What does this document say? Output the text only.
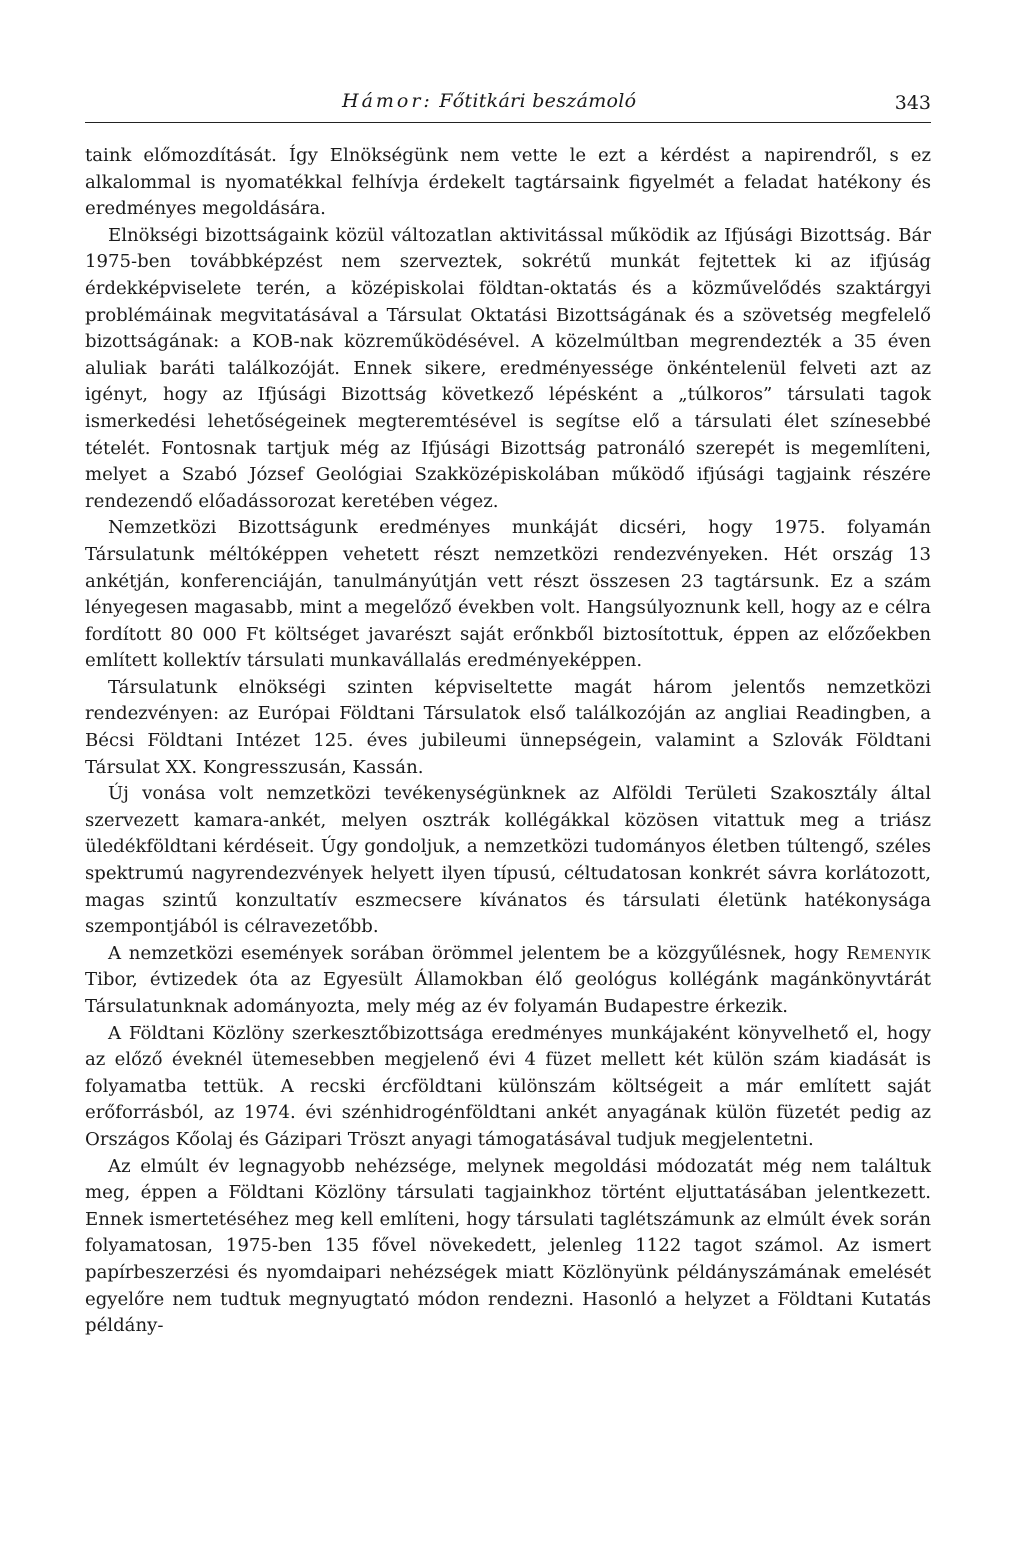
Hámor: Főtitkári beszámoló	343

taink előmozdítását. Így Elnökségünk nem vette le ezt a kérdést a napirendről, s ez alkalommal is nyomatékkal felhívja érdekelt tagtársaink figyelmét a feladat hatékony és eredményes megoldására.

Elnökségi bizottságaink közül változatlan aktivitással működik az Ifjúsági Bizottság. Bár 1975-ben továbbképzést nem szerveztek, sokrétű munkát fejtettek ki az ifjúság érdekképviselete terén, a középiskolai földtan-oktatás és a közművelődés szaktárgyi problémáinak megvitatásával a Társulat Oktatási Bizottságának és a szövetség megfelelő bizottságának: a KOB-nak közreműködésével. A közelmúltban megrendezték a 35 éven aluliak baráti találkozóját. Ennek sikere, eredményessége önkéntelenül felveti azt az igényt, hogy az Ifjúsági Bizottság következő lépésként a „túlkoros” társulati tagok ismerkedési lehetőségeinek megteremtésével is segítse elő a társulati élet színesebbé tételét. Fontosnak tartjuk még az Ifjúsági Bizottság patronáló szerepét is megemlíteni, melyet a Szabó József Geológiai Szakközépiskolában működő ifjúsági tagjaink részére rendezendő előadássorozat keretében végez.

Nemzetközi Bizottságunk eredményes munkáját dicséri, hogy 1975. folyamán Társulatunk méltóképpen vehetett részt nemzetközi rendezvényeken. Hét ország 13 ankétján, konferenciáján, tanulmányútján vett részt összesen 23 tagtársunk. Ez a szám lényegesen magasabb, mint a megelőző években volt. Hangsúlyoznunk kell, hogy az e célra fordított 80 000 Ft költséget javarészt saját erőnkből biztosítottuk, éppen az előzőekben említett kollektív társulati munkavállalás eredményeképpen.

Társulatunk elnökségi szinten képviseltette magát három jelentős nemzetközi rendezvényen: az Európai Földtani Társulatok első találkozóján az angliai Readingben, a Bécsi Földtani Intézet 125. éves jubileumi ünnepségein, valamint a Szlovák Földtani Társulat XX. Kongresszusán, Kassán.

Új vonása volt nemzetközi tevékenységünknek az Alföldi Területi Szakosztály által szervezett kamara-ankét, melyen osztrák kollégákkal közösen vitattuk meg a triász üledékföldtani kérdéseit. Úgy gondoljuk, a nemzetközi tudományos életben túltengő, széles spektrumú nagyrendezvények helyett ilyen típusú, céltudatosan konkrét sávra korlátozott, magas szintű konzultatív eszmecsere kívánatos és társulati életünk hatékonysága szempontjából is célravezetőbb.

A nemzetközi események sorában örömmel jelentem be a közgyűlésnek, hogy Remenyik Tibor, évtizedek óta az Egyesült Államokban élő geológus kollégánk magánkönyvtárát Társulatunknak adományozta, mely még az év folyamán Budapestre érkezik.

A Földtani Közlöny szerkesztőbizottsága eredményes munkájaként könyvelhető el, hogy az előző éveknél ütemesebben megjelenő évi 4 füzet mellett két külön szám kiadását is folyamatba tettük. A recski ércföldtani különszám költségeit a már említett saját erőforrásból, az 1974. évi szénhidrogénföldtani ankét anyagának külön füzetét pedig az Országos Kőolaj és Gázipari Tröszt anyagi támogatásával tudjuk megjelentetni.

Az elmúlt év legnagyobb nehézsége, melynek megoldási módozatát még nem találtuk meg, éppen a Földtani Közlöny társulati tagjainkhoz történt eljuttatásában jelentkezett. Ennek ismertetéséhez meg kell említeni, hogy társulati taglétszámunk az elmúlt évek során folyamatosan, 1975-ben 135 fővel növekedett, jelenleg 1122 tagot számol. Az ismert papírbeszerzési és nyomdaipari nehézségek miatt Közlönyünk példányszámának emelését egyelőre nem tudtuk megnyugtató módon rendezni. Hasonló a helyzet a Földtani Kutatás példány-
